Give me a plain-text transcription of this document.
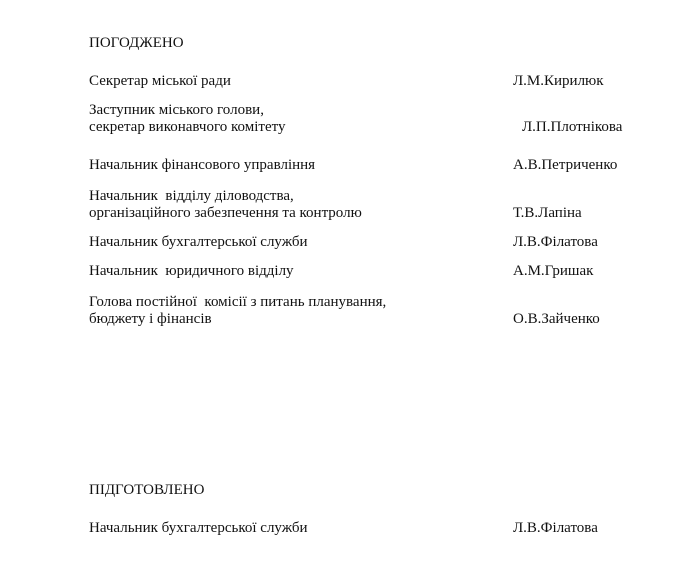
ПОГОДЖЕНО
Секретар міської ради	Л.М.Кирилюк
Заступник міського голови,
секретар виконавчого комітету	Л.П.Плотнікова
Начальник фінансового управління	А.В.Петриченко
Начальник  відділу діловодства,
організаційного забезпечення та контролю	Т.В.Лапіна
Начальник бухгалтерської служби	Л.В.Філатова
Начальник  юридичного відділу	А.М.Гришак
Голова постійної  комісії з питань планування,
бюджету і фінансів	О.В.Зайченко
ПІДГОТОВЛЕНО
Начальник бухгалтерської служби	Л.В.Філатова
